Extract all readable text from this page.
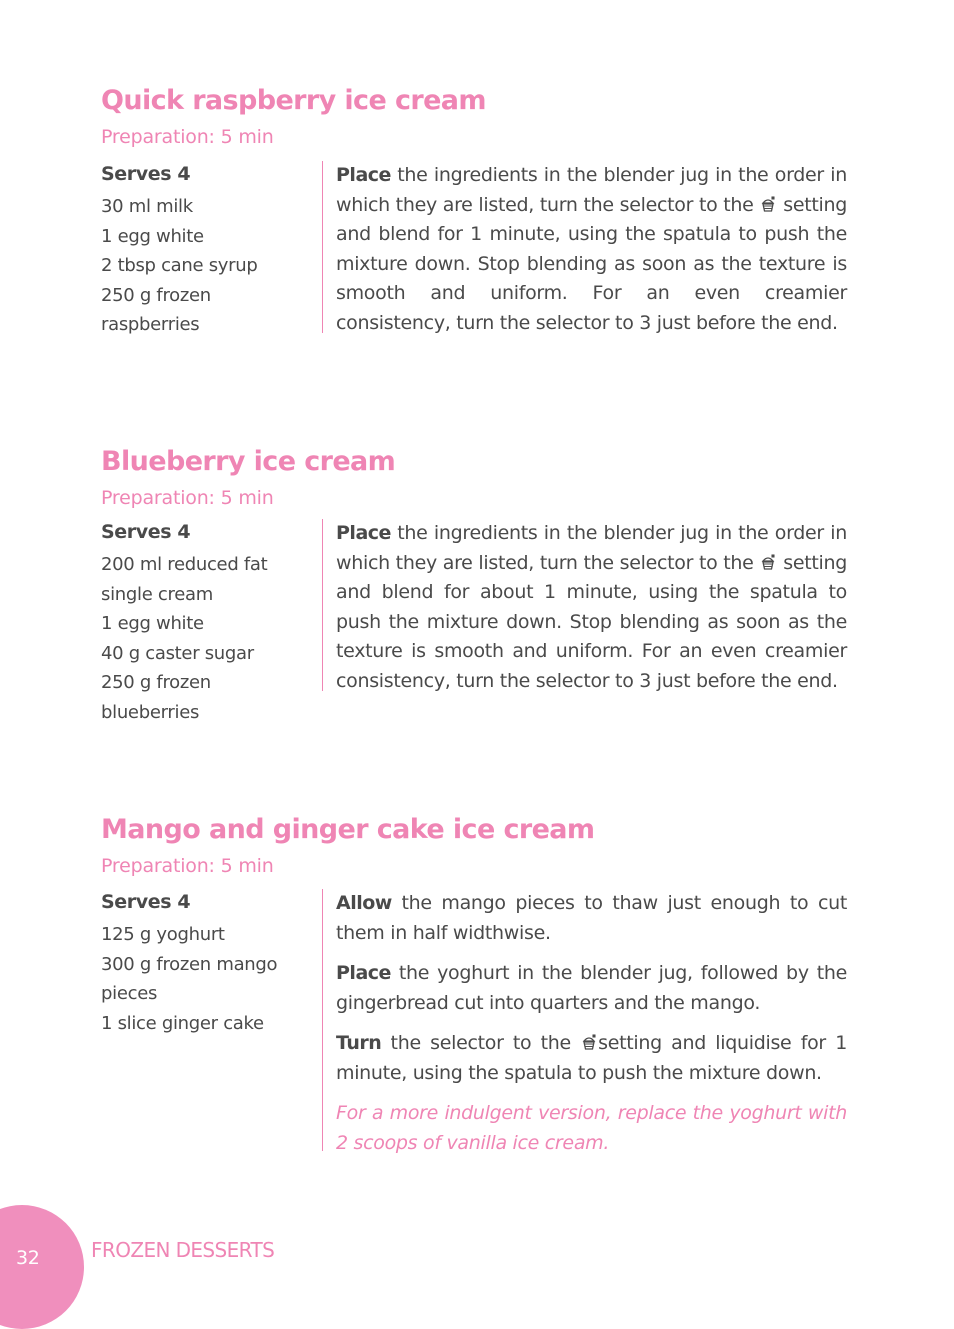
Quick raspberry ice cream
Preparation: 5 min
Serves 4
30 ml milk
1 egg white
2 tbsp cane syrup
250 g frozen raspberries

Place the ingredients in the blender jug in the order in which they are listed, turn the selector to the  setting and blend for 1 minute, using the spatula to push the mixture down. Stop blending as soon as the texture is smooth and uniform. For an even creamier consistency, turn the selector to 3 just before the end.

Blueberry ice cream
Preparation: 5 min
Serves 4
200 ml reduced fat single cream
1 egg white
40 g caster sugar
250 g frozen blueberries

Place the ingredients in the blender jug in the order in which they are listed, turn the selector to the  setting and blend for about 1 minute, using the spatula to push the mixture down. Stop blending as soon as the texture is smooth and uniform. For an even creamier consistency, turn the selector to 3 just before the end.

Mango and ginger cake ice cream
Preparation: 5 min
Serves 4
125 g yoghurt
300 g frozen mango pieces
1 slice ginger cake

Allow the mango pieces to thaw just enough to cut them in half widthwise.

Place the yoghurt in the blender jug, followed by the gingerbread cut into quarters and the mango.

Turn the selector to the setting and liquidise for 1 minute, using the spatula to push the mixture down.

For a more indulgent version, replace the yoghurt with 2 scoops of vanilla ice cream.

32	FROZEN DESSERTS
